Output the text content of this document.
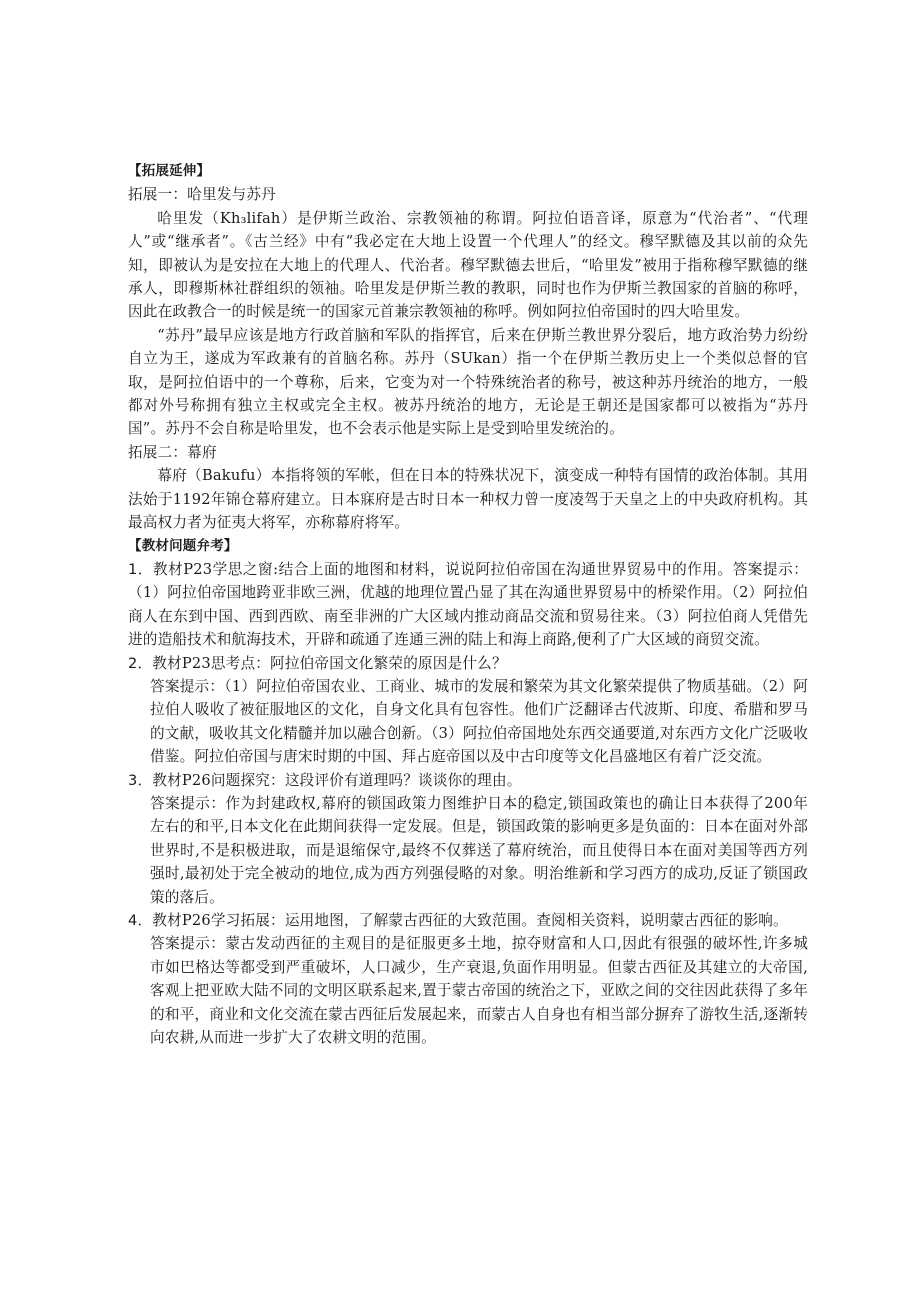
【拓展延伸】

拓展一：哈里发与苏丹

哈里发（Kh₃lifah）是伊斯兰政治、宗教领袖的称谓。阿拉伯语音译，原意为“代治者”、“代理人”或“继承者”。《古兰经》中有“我必定在大地上设置一个代理人”的经文。穆罕默德及其以前的众先知，即被认为是安拉在大地上的代理人、代治者。穆罕默德去世后，“哈里发”被用于指称穆罕默德的继承人，即穆斯林社群组织的领袖。哈里发是伊斯兰教的教职，同时也作为伊斯兰教国家的首脑的称呼，因此在政教合一的时候是统一的国家元首兼宗教领袖的称呼。例如阿拉伯帝国时的四大哈里发。

“苏丹”最早应该是地方行政首脑和军队的指挥官，后来在伊斯兰教世界分裂后，地方政治势力纷纷自立为王，遂成为军政兼有的首脑名称。苏丹（SUkan）指一个在伊斯兰教历史上一个类似总督的官取，是阿拉伯语中的一个尊称，后来，它变为对一个特殊统治者的称号，被这种苏丹统治的地方，一般都对外号称拥有独立主权或完全主权。被苏丹统治的地方，无论是王朝还是国家都可以被指为“苏丹国”。苏丹不会自称是哈里发，也不会表示他是实际上是受到哈里发统治的。

拓展二：幕府

幕府（Bakufu）本指将领的军帐，但在日本的特殊状况下，演变成一种特有国情的政治体制。其用法始于1192年锦仓幕府建立。日本寐府是古时日本一种权力曾一度凌驾于天皇之上的中央政府机构。其最高权力者为征夷大将军，亦称幕府将军。

【教材问题弁考】

1．教材P23学思之窗:结合上面的地图和材料，说说阿拉伯帝国在沟通世界贸易中的作用。答案提示：（1）阿拉伯帝国地跨亚非欧三洲，优越的地理位置凸显了其在沟通世界贸易中的桥梁作用。（2）阿拉伯商人在东到中国、西到西欧、南至非洲的广大区域内推动商品交流和贸易往来。（3）阿拉伯商人凭借先进的造船技术和航海技术，开辟和疏通了连通三洲的陆上和海上商路,便利了广大区域的商贸交流。

2．教材P23思考点：阿拉伯帝国文化繁荣的原因是什么？

答案提示：（1）阿拉伯帝国农业、工商业、城市的发展和繁荣为其文化繁荣提供了物质基础。（2）阿拉伯人吸收了被征服地区的文化，自身文化具有包容性。他们广泛翻译古代波斯、印度、希腊和罗马的文献，吸收其文化精髓并加以融合创新。（3）阿拉伯帝国地处东西交通要道,对东西方文化广泛吸收借鉴。阿拉伯帝国与唐宋时期的中国、拜占庭帝国以及中古印度等文化昌盛地区有着广泛交流。

3．教材P26问题探究：这段评价有道理吗？谈谈你的理由。

答案提示：作为封建政权,幕府的锁国政策力图维护日本的稳定,锁国政策也的确让日本获得了200年左右的和平,日本文化在此期间获得一定发展。但是，锁国政策的影响更多是负面的：日本在面对外部世界时,不是积极进取，而是退缩保守,最终不仅葬送了幕府统治，而且使得日本在面对美国等西方列强时,最初处于完全被动的地位,成为西方列强侵略的对象。明治维新和学习西方的成功,反证了锁国政策的落后。

4．教材P26学习拓展：运用地图，了解蒙古西征的大致范围。查阅相关资料，说明蒙古西征的影响。

答案提示：蒙古发动西征的主观目的是征服更多土地，掠夺财富和人口,因此有很强的破坏性,许多城市如巴格达等都受到严重破坏，人口减少，生产衰退,负面作用明显。但蒙古西征及其建立的大帝国,客观上把亚欧大陆不同的文明区联系起来,置于蒙古帝国的统治之下，亚欧之间的交往因此获得了多年的和平，商业和文化交流在蒙古西征后发展起来，而蒙古人自身也有相当部分摒弃了游牧生活,逐渐转向农耕,从而进一步扩大了农耕文明的范围。
